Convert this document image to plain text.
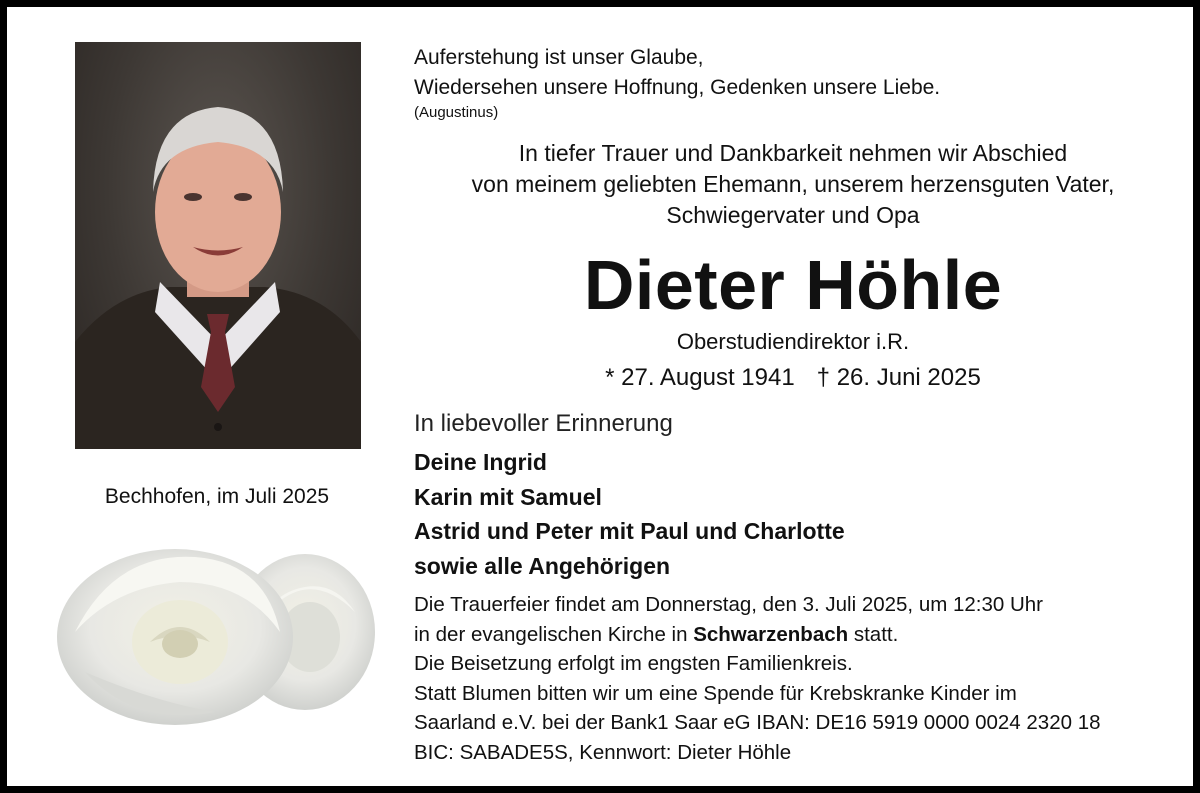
Bechhofen, im Juli 2025
Auferstehung ist unser Glaube,
Wiedersehen unsere Hoffnung, Gedenken unsere Liebe.
(Augustinus)
In tiefer Trauer und Dankbarkeit nehmen wir Abschied
von meinem geliebten Ehemann, unserem herzensguten Vater,
Schwiegervater und Opa
Dieter Höhle
Oberstudiendirektor i.R.
* 27. August 1941 † 26. Juni 2025
In liebevoller Erinnerung
Deine Ingrid
Karin mit Samuel
Astrid und Peter mit Paul und Charlotte
sowie alle Angehörigen
Die Trauerfeier findet am Donnerstag, den 3. Juli 2025, um 12:30 Uhr
in der evangelischen Kirche in Schwarzenbach statt.
Die Beisetzung erfolgt im engsten Familienkreis.
Statt Blumen bitten wir um eine Spende für Krebskranke Kinder im
Saarland e.V. bei der Bank1 Saar eG IBAN: DE16 5919 0000 0024 2320 18
BIC: SABADE5S, Kennwort: Dieter Höhle
